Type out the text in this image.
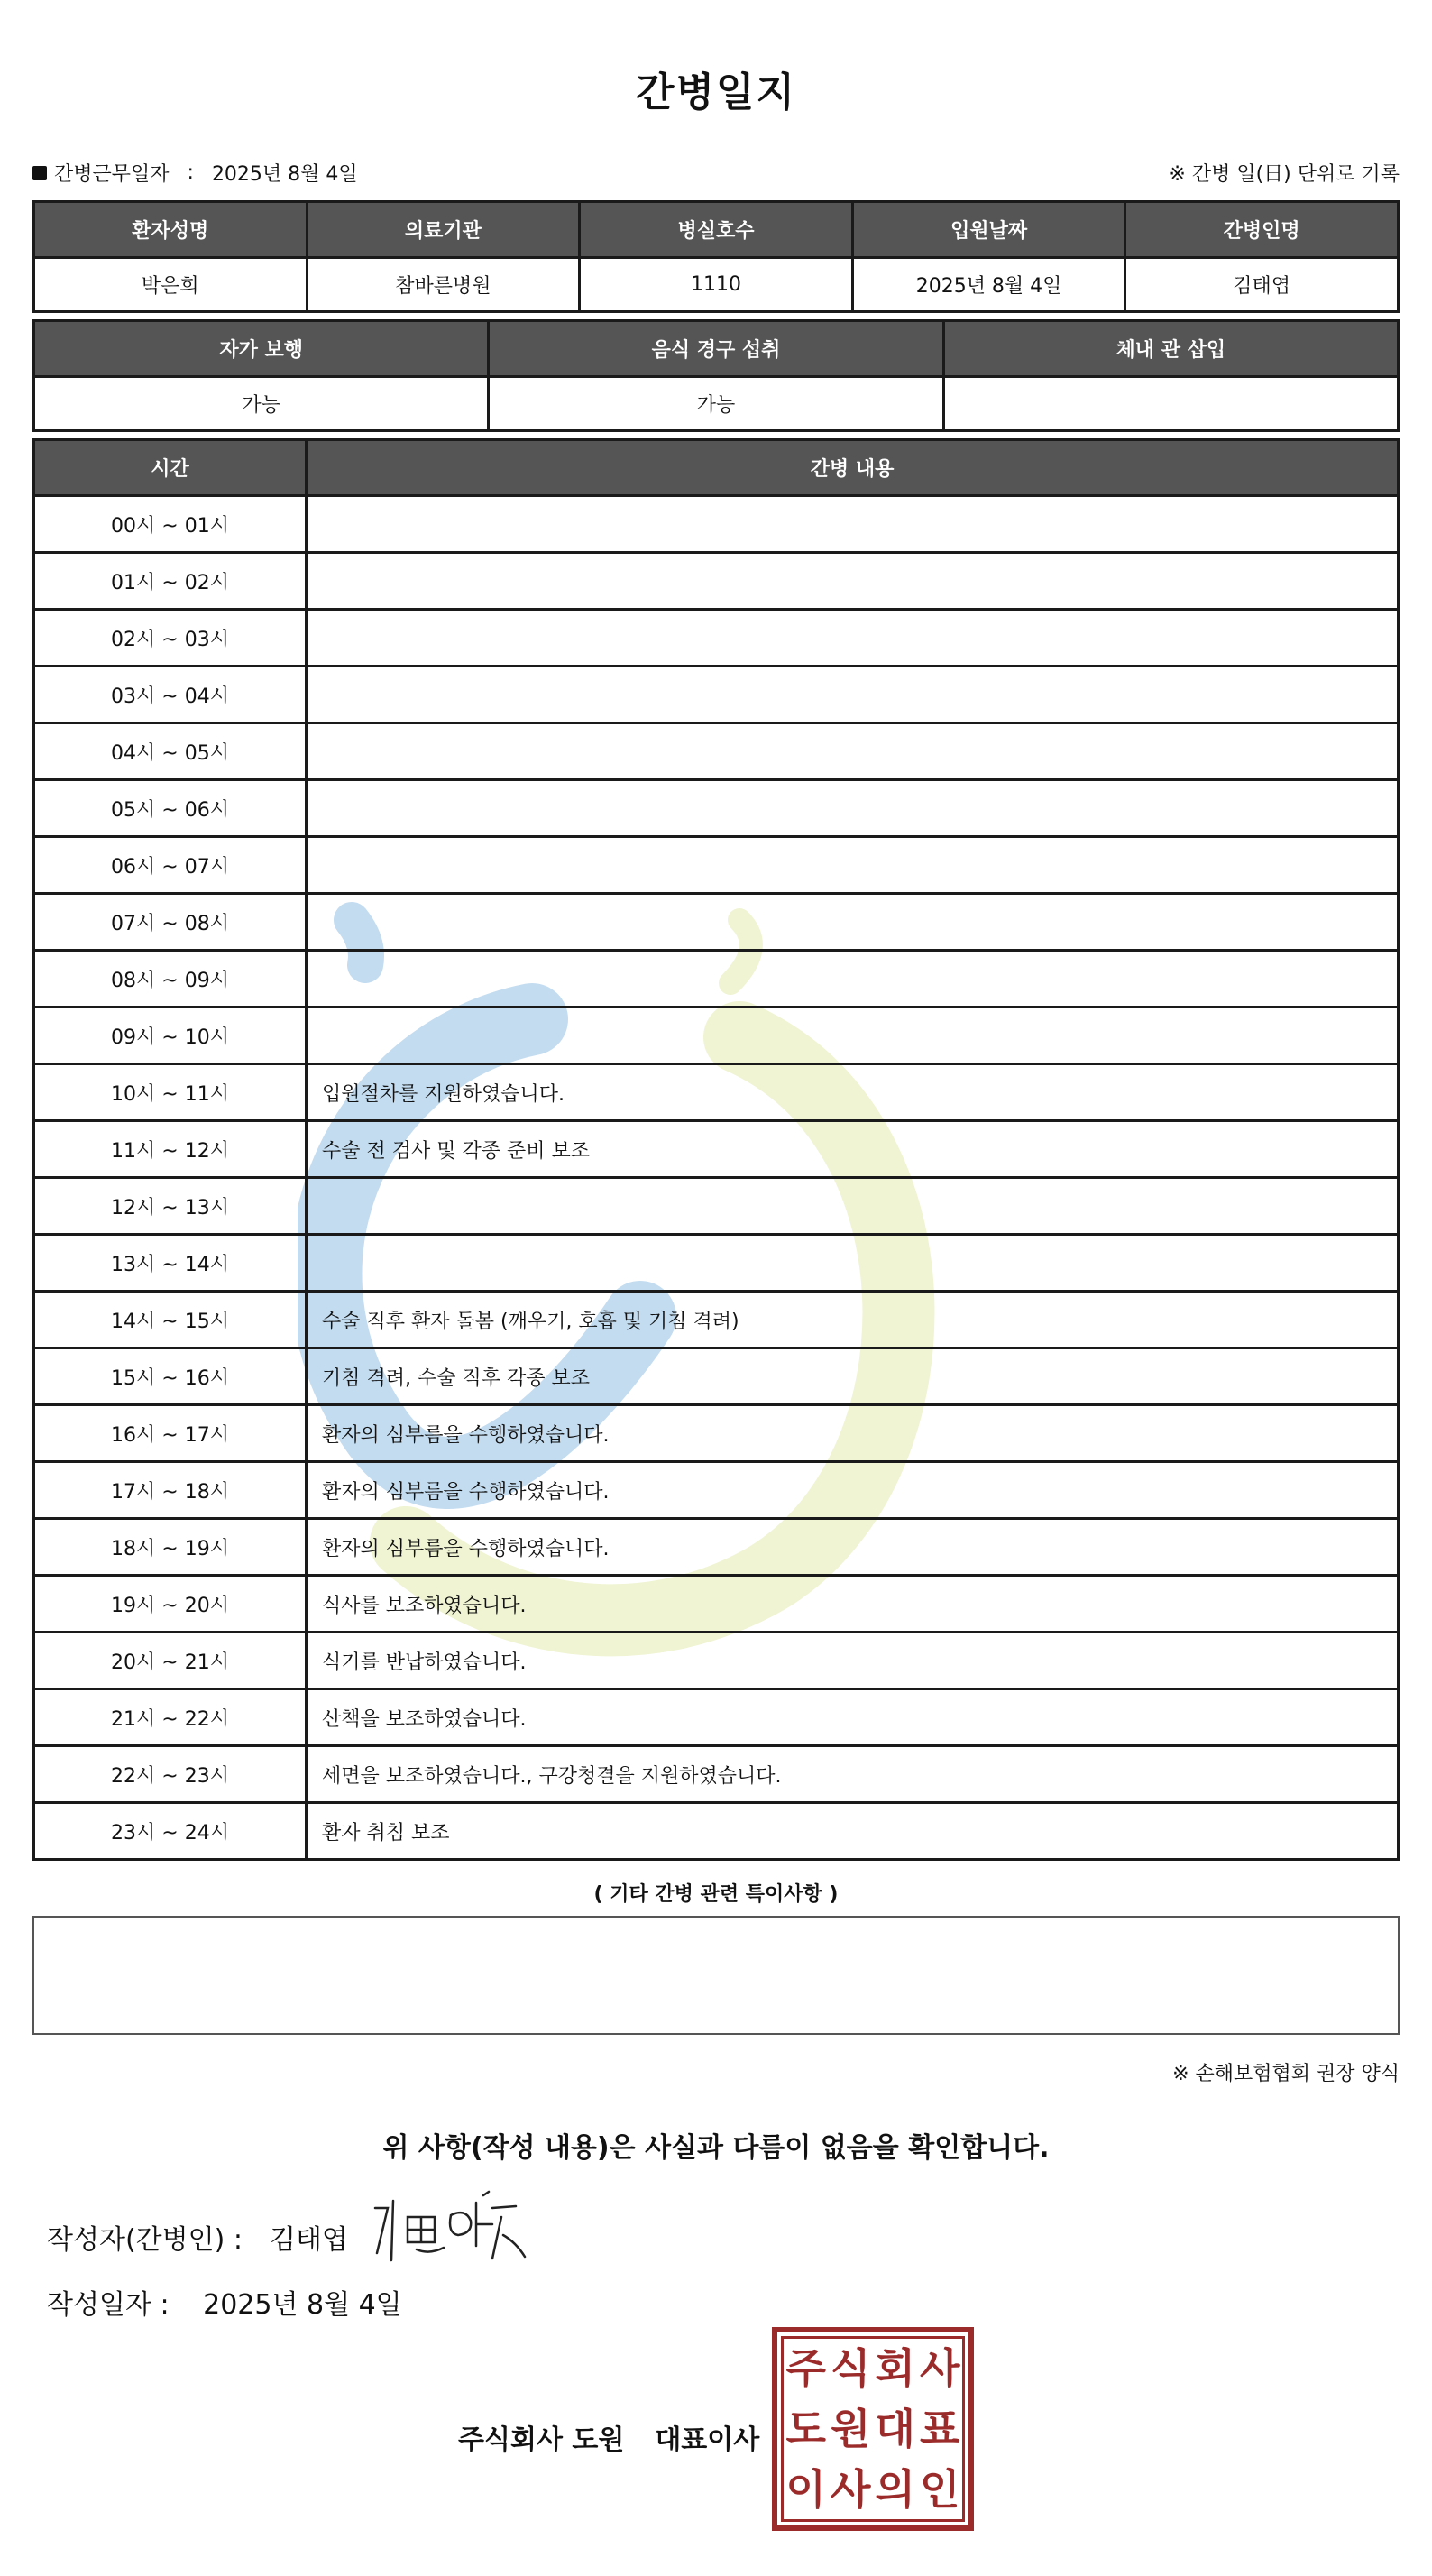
간병일지
간병근무일자 : 2025년 8월 4일	※ 간병 일(日) 단위로 기록
환자성명	의료기관	병실호수	입원날짜	간병인명
박은희	참바른병원	1110	2025년 8월 4일	김태엽
자가 보행	음식 경구 섭취	체내 관 삽입
가능	가능	
시간	간병 내용
00시 ~ 01시	
01시 ~ 02시	
02시 ~ 03시	
03시 ~ 04시	
04시 ~ 05시	
05시 ~ 06시	
06시 ~ 07시	
07시 ~ 08시	
08시 ~ 09시	
09시 ~ 10시	
10시 ~ 11시	입원절차를 지원하였습니다.
11시 ~ 12시	수술 전 검사 및 각종 준비 보조
12시 ~ 13시	
13시 ~ 14시	
14시 ~ 15시	수술 직후 환자 돌봄 (깨우기, 호흡 및 기침 격려)
15시 ~ 16시	기침 격려, 수술 직후 각종 보조
16시 ~ 17시	환자의 심부름을 수행하였습니다.
17시 ~ 18시	환자의 심부름을 수행하였습니다.
18시 ~ 19시	환자의 심부름을 수행하였습니다.
19시 ~ 20시	식사를 보조하였습니다.
20시 ~ 21시	식기를 반납하였습니다.
21시 ~ 22시	산책을 보조하였습니다.
22시 ~ 23시	세면을 보조하였습니다., 구강청결을 지원하였습니다.
23시 ~ 24시	환자 취침 보조
( 기타 간병 관련 특이사항 )
※ 손해보험협회 권장 양식
위 사항(작성 내용)은 사실과 다름이 없음을 확인합니다.
작성자(간병인) : 김태엽
작성일자 : 2025년 8월 4일
주식회사 도원 대표이사
주 식 회 사
도 원 대 표
이 사 의 인
